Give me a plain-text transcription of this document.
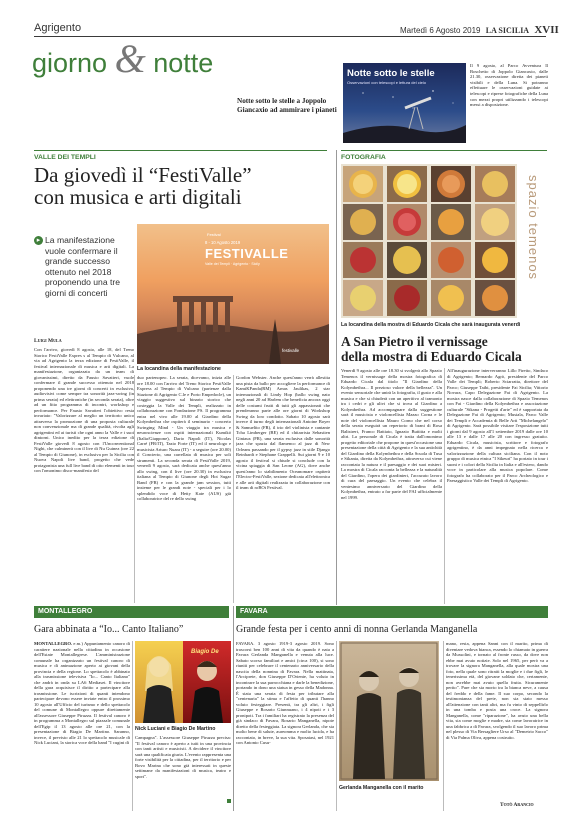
Agrigento	Martedì 6 Agosto 2019 LA SICILIA XVII
giorno & notte
Notte sotto le stelle a Joppolo Giancaxio ad ammirare i pianeti
Notte sotto le stelle
Osservazioni con telescopi e lettura del cielo
Il 9 agosto, al Parco Avventura Il Boschetto di Joppolo Giancaxio, dalle 21.30, osservazione diretta dei pianeti visibili e della Luna. Si potranno effettuare le osservazioni guidate ai telescopi e riprese fotografiche della Luna con mezzi propri utilizzando i telescopi messi a disposizione.
VALLE DEI TEMPLI
Da giovedì il “FestiValle”
con musica e arti digitali
▸ La manifestazione vuole confermare il grande successo ottenuto nel 2018 proponendo una tre giorni di concerti
Luigi Mula
Festival
8 - 10 Agosto 2019
FESTIVALLE
Valle dei Templi · Agrigento · Sicily
festivalle
La locandina della manifestazione

Con l'arrivo, giovedì 8 agosto, alle 18, del Treno Storico FestiValle Expres s al Tempio di Vulcano, al via ad Agrigento la terza edizione di FestiValle, il festival internazionale di musica e arti digitali. La manifestazione, organizzata da un team di giovanissimi, diretto da Fausto Savatteri, vuole confermare il grande successo ottenuto nel 2018 proponendo una tre giorni di concerti in esclusiva, audiovisivi come sempre tra sonorità jazz-swing (in prima serata) ed elettroniche (in seconda serata), oltre ad un fitto programma di incontri, workshop e performance. Per Fausto Savatteri l'obiettivo resta invariato: "Valorizzare al meglio un territorio unico attraverso la promozione di una proposta culturale non convenzionale ma di grande qualità, rivolta agli agrigentini ed ai turisti che ogni anno la Valle e i suoi dintorni. Unico inedito per la terza edizione di FestiValle giovedì 8 agosto con l'Unconventional Night, che culminerà con il live di Nu Guinea (ore 22 al Tempio di Giunone), in esclusiva per la Sicilia con Nuova Napoli live band, progetto che vede protagonista una full live band di otto elementi in tour con l'omonimo disco-manifesto del

duo partenopeo. La serata, dicevamo, inizia alle ore 18.00 con l'arrivo del Treno Storico FestiValle Express al Tempio di Vulcano (partenze dalla Stazione di Agrigento C.le e Porto Empedocle), un viaggio suggestivo sul binario storico che costeggia la Valle dei Templi, realizzato in collaborazione con Fondazione FS. Il programma entra nel vivo alle 19.00 al Giardino della Kolymbethra che ospiterà il seminario - concerto Swinging Mind - Un viaggio tra musica e neuroscienze con ospiti internazionali Kumikö (Italia/Giappone), Dario Napoli (IT), Nicolas Carré (FR/IT), Tazio Forte (IT) ed il neurologo e musicista Arturo Nuara (IT) - a seguire (ore 20.00) il Concierto, una carrellata di musica per soli strumenti. La seconda serata di FestiValle 2019, venerdì 9 agosto, sarà dedicata anche quest'anno allo swing, con il live (ore 20.30) in esclusiva italiana al Tempio di Giunone degli Hot Sugar Band (FR) e con la grande jam session, tutti insieme per le grandi note - speciali per i lo splendido voce di Hetty Kate (AUS) già collaboratrice del re dello swing

Gordon Webster. Anche quest'anno verrà allestita una pista da ballo per accogliere la performance di KamiKPanda(RM) Arnas Jaulikas, 2 star internazionali di Lindy Hop (ballo swing nato negli anni 20 ad Harlem che beneficia ancora oggi delle costumi frutti di tutti gli appassionati che prenderanno parte alle ore giorni di Workshop Swing da loro condotto. Sabato 10 agosto sarà invece il turno degli internazionali Antoine Boyer & Samuelito (FR), il trio del violinista e cantante Tcha Limberger (BE) ed il chitarrista Sebastien Giniaux (FR), una serata esclusiva dalle sonorità jazz che spazia dal flamenco al jazz di New Orleans passando per il gypsy jazz in stile Django Reinhardt e Stephane Grappelli. Sui giorni 9 e 10 agosto il festival si chiude si conclude con la vicina spiaggia di San Leone (AG), dove anche quest'anno lo stabilimento Oceanomare ospiterà l'Electro-FestiValle, sezione dedicata all'elettronica e alle arti digitali realizzata in collaborazione con il team di roBOt Festival.

FOTOGRAFIA
spazio temenos
La locandina della mostra di Eduardo Cicala che sarà inaugurata venerdì
A San Pietro il vernissage
della mostra di Eduardo Cicala

Venerdì 9 agosto alle ore 18.30 si svolgerà allo Spazio Temenos il vernissage della mostra fotografica di Eduardo Cicala dal titolo "Il Giardino della Kolymbethra... Il prezioso valore della bellezza". Un evento sensoriale che unirà la fotografia, il gusto e alla musica e che si chiuderà con un aperitivo al tramonto tra i cedri e gli ulivi che si trova al Giardino a Kolymbethra. Ad accompagnare dalla suggestione sarà il musicista e violoncellista Mazzo Corna e le note del violoncellista Mauro Corno che nel corso della serata eseguirà un repertorio di brani di Rosa Balistreri, Franco Battiato, Ignazio Buttitta e molti altri. La personale di Cicala è tratta dall'omonimo progetto editoriale che propone in quest'occasione una presentazione della città di Agrigento e la sua antichità del Giardino della Kolymbethra e della Scuola di Tusa e Sikania, diretta da Kolymbethra, attraverso cui viene raccontata la natura e il paesaggio e dei suoi misteri. La mostra di Cicala racconta la bellezza e la naturalità del Giardino, l'opera dei giardinieri, l'accurato lavoro di cura del paesaggio. Un evento che celebra il ventesimo anniversario del Giardino della Kolymbethra, entrato a far parte del FAI ufficialmente nel 1999.

All'inaugurazione interverranno Lillo Firetto, Sindaco di Agrigento; Bernardo Agrò, presidente del Parco Valle dei Templi; Roberto Sciarratta, direttore del Parco; Giuseppe Taibi, presidente Fai Sicilia; Vittorio Novara, Capo Delegazione Fai di Agrigento. La mostra nasce dalla collaborazione di Spazio Temenos con Fai - Giardino della Kolymbethra e associazione culturale "Sikana - Progetti d'arte" ed è supportata da Delegazione Fai di Agrigento; Musiala, Parco Valle dei Templi e Accademia di Belle Arti "Michelangelo" di Agrigento. Sarà possibile visitare l'esposizione tutti i giorni dal 9 agosto all'1 settembre 2019 dalle ore 10 alle 13 e dalle 17 alle 20 con ingresso gratuito. Eduardo Cicala, musicista, scrittore e fotografo agrigentino, è da anni impegnato nella ricerca e valorizzazione della cultura siciliana. Con il noto gruppo di musica etnica "I Sikeuri" ha portato in tour i suoni e i colori della Sicilia in Italia e all'estero, dando voce in particolare alla musica popolare. Come fotografo ha collaborato per il Parco Archeologico e Paesaggistico Valle dei Templi di Agrigento.

MONTALLEGRO
Gara abbinata a “Io... Canto Italiano”

MONTALLEGRO. e.m.) Appuntamento canoro di carattere nazionale nella cittadina in occasione dell'Estate Montallegrese. L'amministrazione comunale ha organizzato un festival canoro di musica e di animazione aperto ai giovani della provincia e della regione. Lo spettacolo è abbinato alla trasmissione televisiva "Io... Canto Italiano" che andrà in onda su LA6 Mediaset. Il vincitore della gara acquisisce il diritto a partecipare alla trasmissione. Le iscrizioni di quanti intendono partecipare devono essere inviate entro il prossimo 10 agosto all'Ufficio del turismo e dello spettacolo del comune di Montallegro oppure direttamente all'assessore Giuseppe Piruzza. Il festival canoro è in programma a Montallegro sul piazzale comunale dell'Egip il 13 agosto alle ore 21, con la presentazione di Biagio De Martino. Saranno, invece, il previsto alle 21 lo spettacolo musicale di Nick Luciani, la storica voce della band "I cugini di

Biagio De
Nick Luciani e Biagio De Martino

Campagna". L'assessore Giuseppe Piruzza precisa: "Il festival canoro è aperto a tutti in una provincia con tanti artisti e musicisti. A decidere il vincitore sarà una qualificata giuria. L'evento rappresenta una forte visibilità per la cittadina, per il territorio e per Bovo Marina che sono già interessati in queste settimane da manifestazioni di musica, teatro e sport".

FAVARA
Grande festa per i cento anni di nonna Gerlanda Manganella

FAVARA. 3 agosto 1919-3 agosto 2019. Sono trascorsi ben 100 anni di vita da quando è nata a Favara Gerlanda Manganella e venuta alla luce. Sabato scorso familiari e amici (circa 100), si sono riuniti per celebrare il centenario anniversario della nascita della nonnina di Favara. Nella mattinata, l'Arciprete, don Giuseppe D'Oriente, ha voluto in incontrare la sua parrocchiana e darle la benedizione, portando in dono una statua in gesso della Madonna. È stata una serata di festa per tributare alla "centenaria" la stima e l'affetto di quanti l'hanno voluto festeggiare. Presenti, tra gli altri, i figli Giuseppe e Rosario Giunnuano, i 4 nipoti e i 3 pronipoti. Tra i familiari ha registrato la presenza del già sindaco di Favara, Rosario Manganella, nipote diretto della festeggiata. La signora Gerlanda, che sta molto bene di salute, aureomma e molto lucida, e ha raccontato, in breve, la sua vita. Sposatasi, nel 1921 con Antonio Cusu-

Gerlanda Manganella con il marito

mano, resta, appena Sanni con il marito, prima di diventare vedova bianca, essendo lo chiamato in guerra da Mussolini, e tornato al fronte russo, da dove non ebbe mai avuto notizie. Solo nel 1965, per però va a trovare la signora Manganella, alla quale mostra una foto, nella quale sono ritratti la moglie e i due figli, le tenerissima età, del giovane soldato che, certamente, non avrebbe mai avuto quella frutta. Sicuramente perito". Pare che sia morto tra la bianca neve, a causa del freddo e della fame. Il suo corpo, secondo la testimonianza del prete, non sia stato messo all'attenzione con tanti altri, ma fu vinto di seppellirlo in una tomba e posta una croce. La signora Manganella, come "riparazione", ha avuto una bella vita, sia come moglie e madre, sia come lavoratrice in una fabbrica a di Favara, svolgendo il suo lavoro prima nel plesso di Via Bersagliere Urso al "Demetrio Sacco" di Via Palma Oliva, appena costruito.

Totò Arancio
